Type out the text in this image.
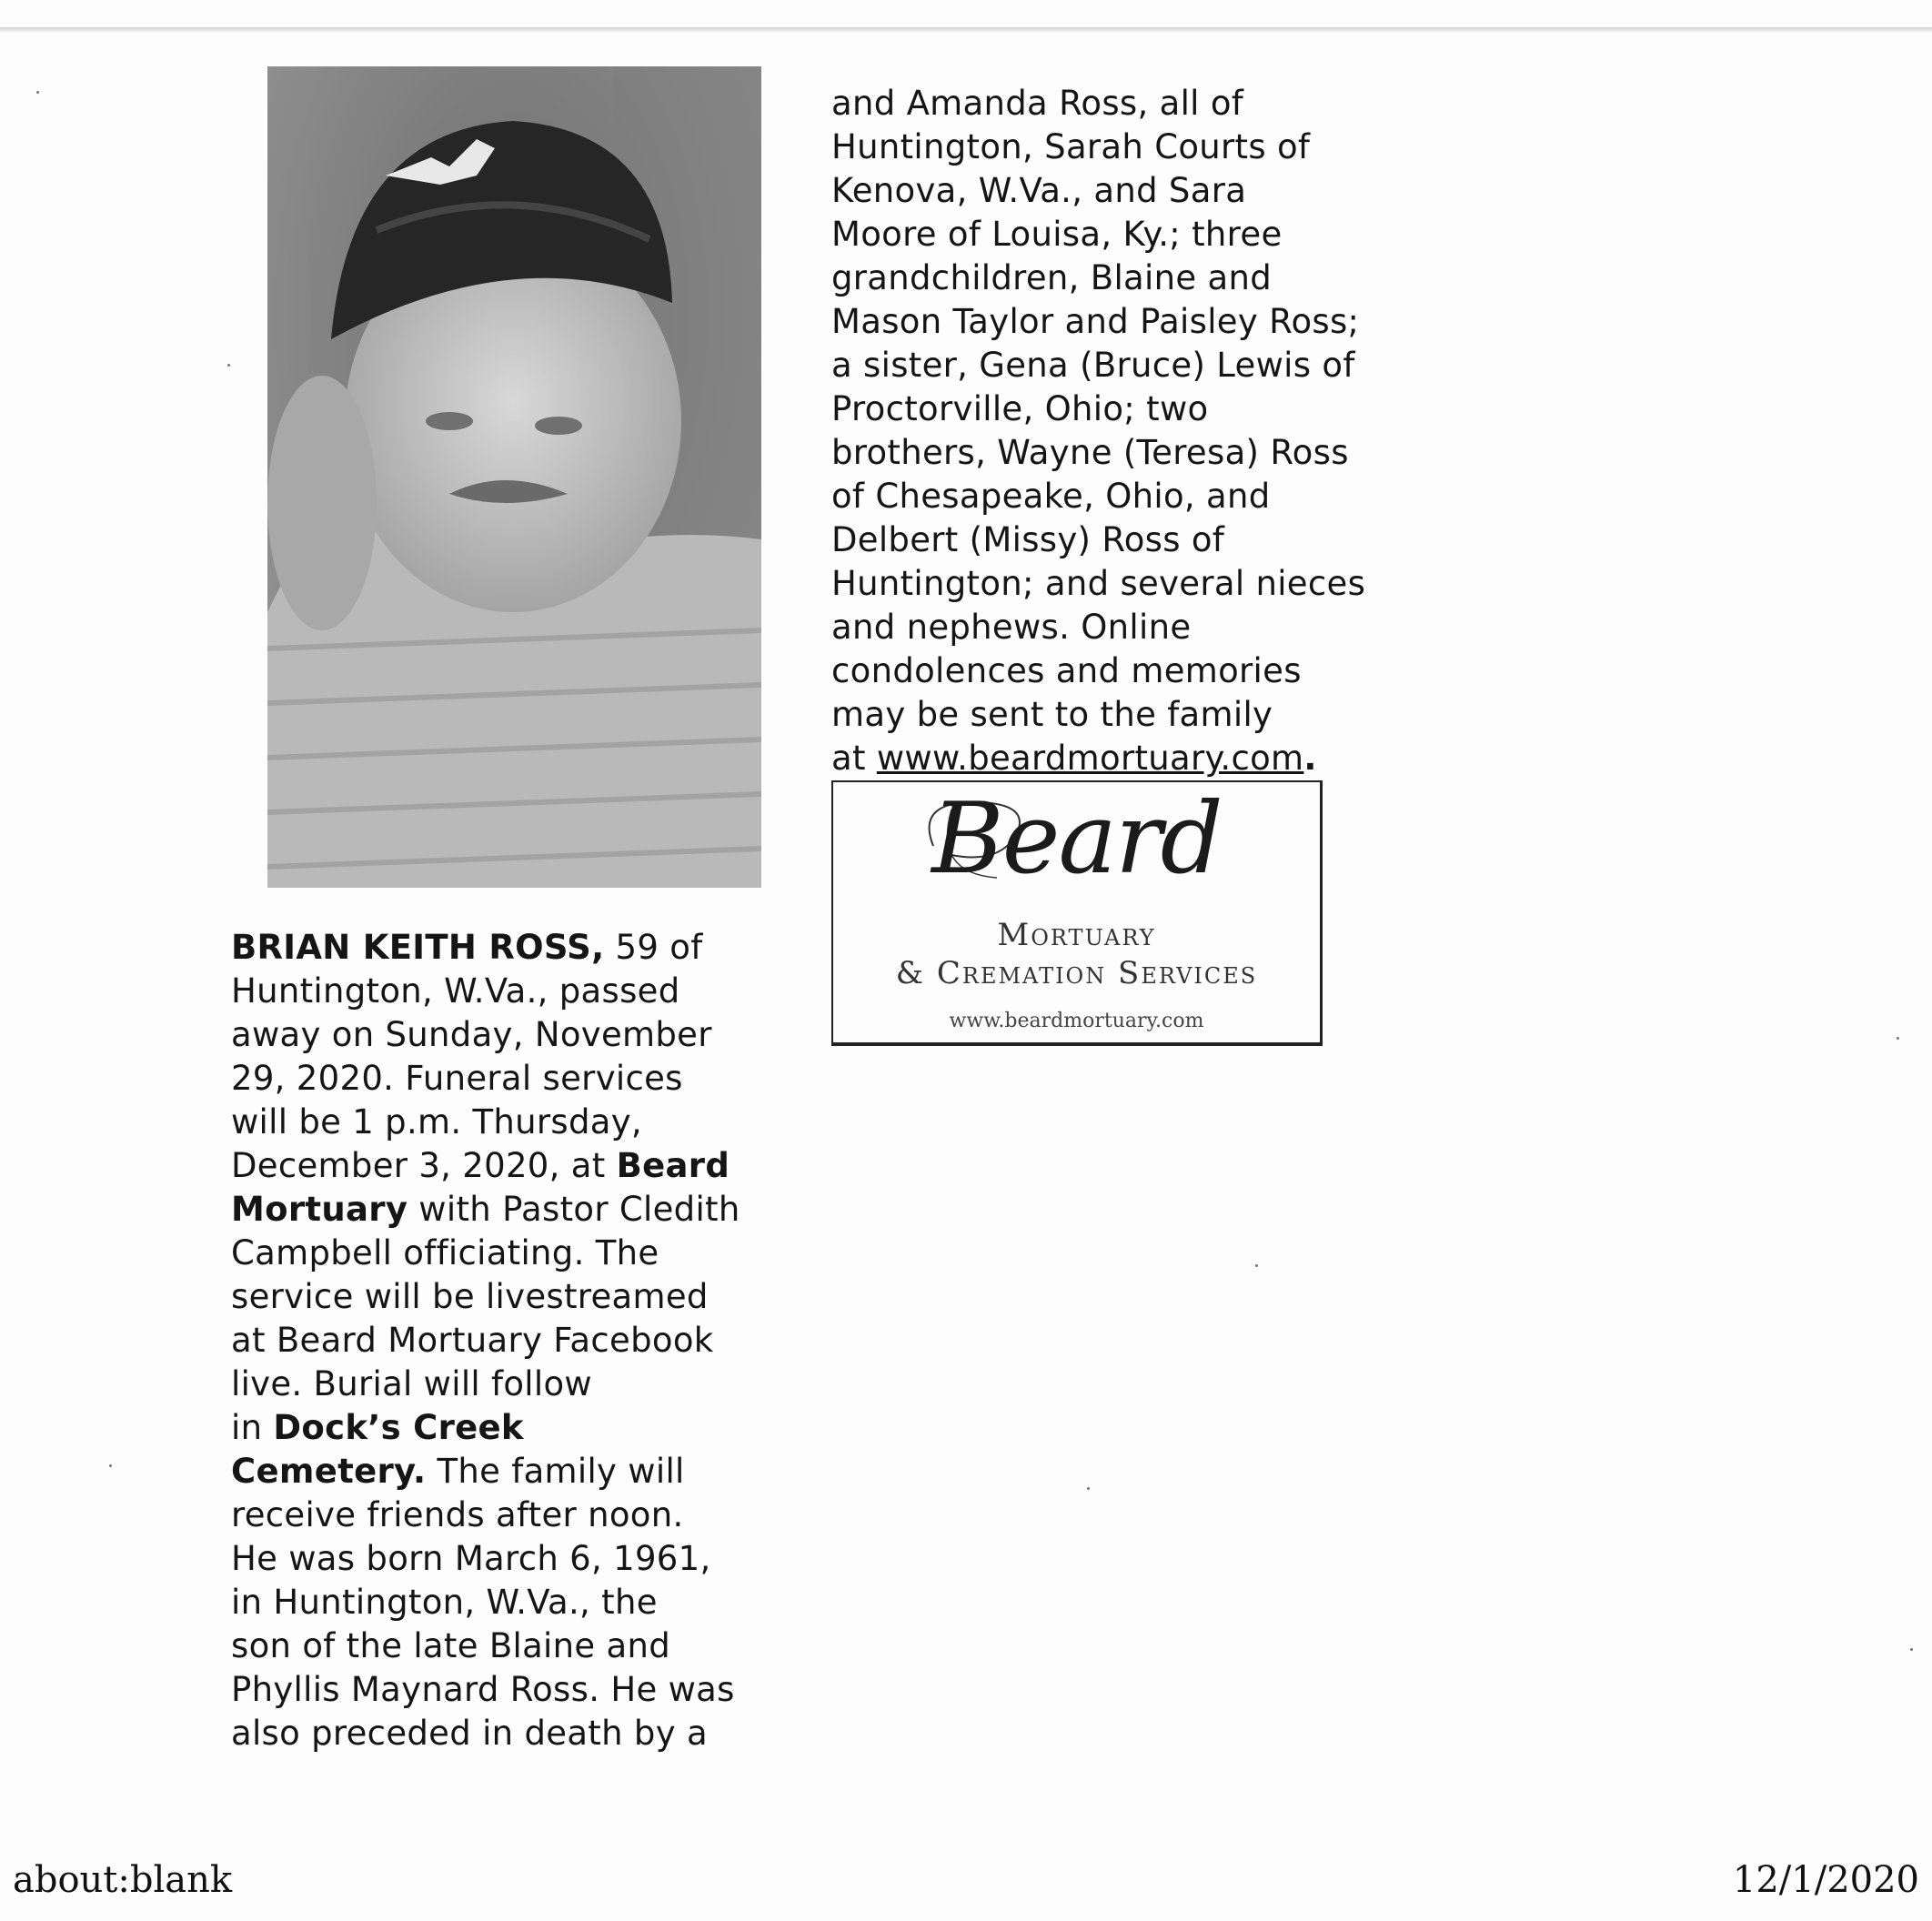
BRIAN KEITH ROSS, 59 of

Huntington, W.Va., passed

away on Sunday, November

29, 2020. Funeral services

will be 1 p.m. Thursday,

December 3, 2020, at Beard

Mortuary with Pastor Cledith

Campbell officiating. The

service will be livestreamed

at Beard Mortuary Facebook

live. Burial will follow

in Dock’s Creek

Cemetery. The family will

receive friends after noon.

He was born March 6, 1961,

in Huntington, W.Va., the

son of the late Blaine and

Phyllis Maynard Ross. He was

also preceded in death by a

and Amanda Ross, all of

Huntington, Sarah Courts of

Kenova, W.Va., and Sara

Moore of Louisa, Ky.; three

grandchildren, Blaine and

Mason Taylor and Paisley Ross;

a sister, Gena (Bruce) Lewis of

Proctorville, Ohio; two

brothers, Wayne (Teresa) Ross

of Chesapeake, Ohio, and

Delbert (Missy) Ross of

Huntington; and several nieces

and nephews. Online

condolences and memories

may be sent to the family

at www.beardmortuary.com.

Beard
Mortuary
& Cremation Services
www.beardmortuary.com
about:blank	12/1/2020
